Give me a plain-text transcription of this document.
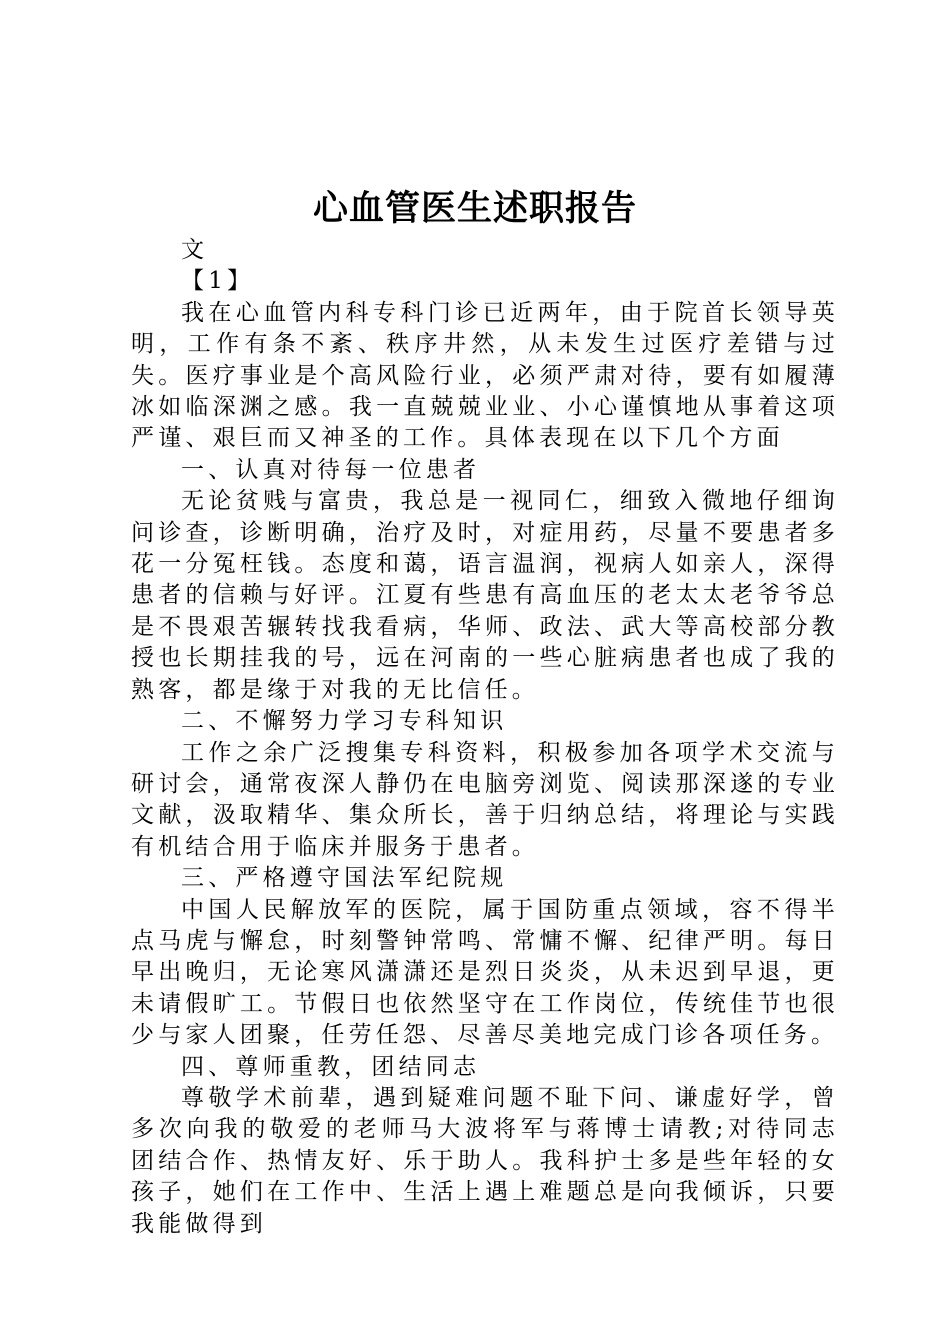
心血管医生述职报告

文

【1】

我在心血管内科专科门诊已近两年，由于院首长领导英明，工作有条不紊、秩序井然，从未发生过医疗差错与过失。医疗事业是个高风险行业，必须严肃对待，要有如履薄冰如临深渊之感。我一直兢兢业业、小心谨慎地从事着这项严谨、艰巨而又神圣的工作。具体表现在以下几个方面

一、认真对待每一位患者

无论贫贱与富贵，我总是一视同仁，细致入微地仔细询问诊查，诊断明确，治疗及时，对症用药，尽量不要患者多花一分冤枉钱。态度和蔼，语言温润，视病人如亲人，深得患者的信赖与好评。江夏有些患有高血压的老太太老爷爷总是不畏艰苦辗转找我看病，华师、政法、武大等高校部分教授也长期挂我的号，远在河南的一些心脏病患者也成了我的熟客，都是缘于对我的无比信任。

二、不懈努力学习专科知识

工作之余广泛搜集专科资料，积极参加各项学术交流与研讨会，通常夜深人静仍在电脑旁浏览、阅读那深遂的专业文献，汲取精华、集众所长，善于归纳总结，将理论与实践有机结合用于临床并服务于患者。

三、严格遵守国法军纪院规

中国人民解放军的医院，属于国防重点领域，容不得半点马虎与懈怠，时刻警钟常鸣、常慵不懈、纪律严明。每日早出晚归，无论寒风潇潇还是烈日炎炎，从未迟到早退，更未请假旷工。节假日也依然坚守在工作岗位，传统佳节也很少与家人团聚，任劳任怨、尽善尽美地完成门诊各项任务。

四、尊师重教，团结同志

尊敬学术前辈，遇到疑难问题不耻下问、谦虚好学，曾多次向我的敬爱的老师马大波将军与蒋博士请教;对待同志团结合作、热情友好、乐于助人。我科护士多是些年轻的女孩子，她们在工作中、生活上遇上难题总是向我倾诉，只要我能做得到
